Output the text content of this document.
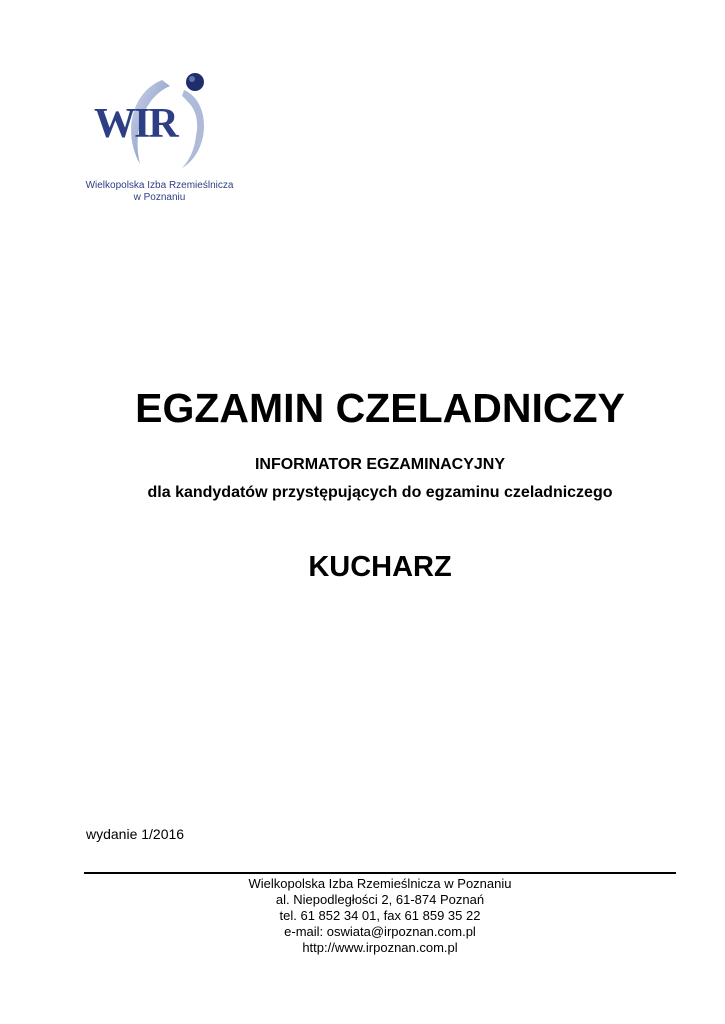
WIR
Wielkopolska Izba Rzemieślnicza
w Poznaniu
EGZAMIN CZELADNICZY
INFORMATOR EGZAMINACYJNY
dla kandydatów przystępujących do egzaminu czeladniczego
KUCHARZ
wydanie 1/2016
Wielkopolska Izba Rzemieślnicza w Poznaniu
al. Niepodległości 2, 61-874 Poznań
tel. 61 852 34 01, fax 61 859 35 22
e-mail: oswiata@irpoznan.com.pl
http://www.irpoznan.com.pl
